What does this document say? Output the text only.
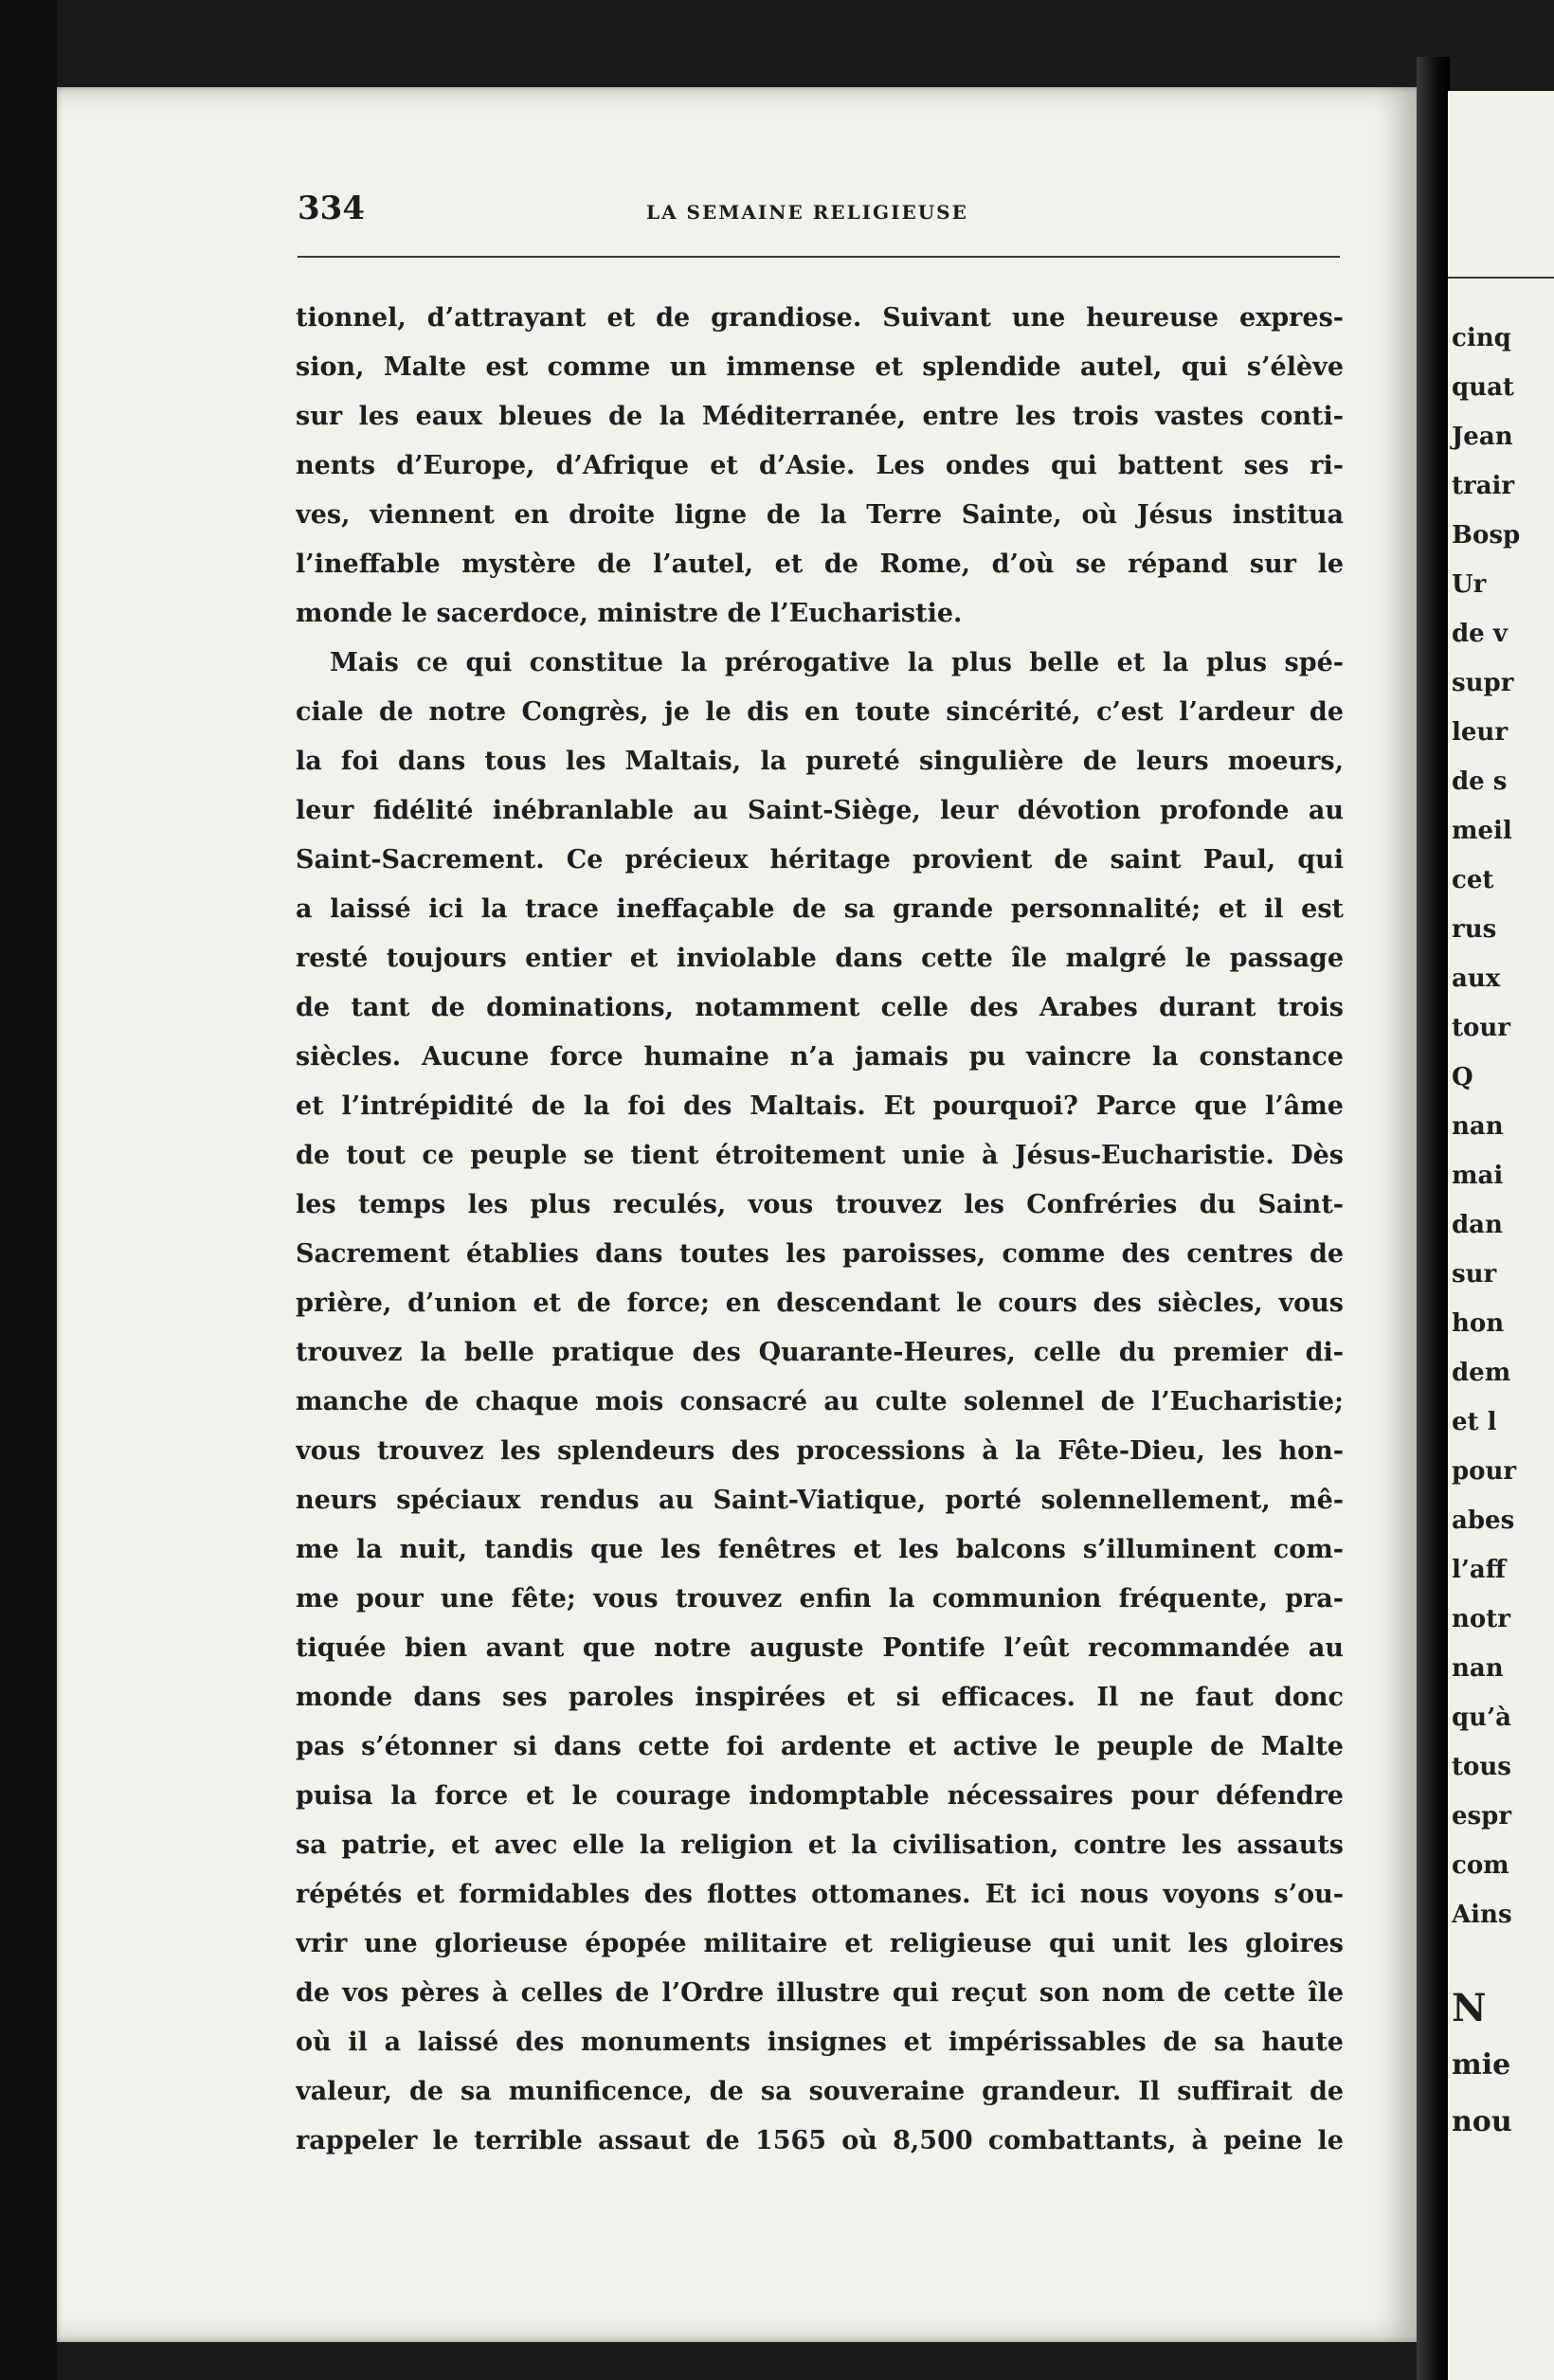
334	LA SEMAINE RELIGIEUSE
tionnel, d’attrayant et de grandiose. Suivant une heureuse expres-
sion, Malte est comme un immense et splendide autel, qui s’élève
sur les eaux bleues de la Méditerranée, entre les trois vastes conti-
nents d’Europe, d’Afrique et d’Asie. Les ondes qui battent ses ri-
ves, viennent en droite ligne de la Terre Sainte, où Jésus institua
l’ineffable mystère de l’autel, et de Rome, d’où se répand sur le
monde le sacerdoce, ministre de l’Eucharistie.
Mais ce qui constitue la prérogative la plus belle et la plus spé-
ciale de notre Congrès, je le dis en toute sincérité, c’est l’ardeur de
la foi dans tous les Maltais, la pureté singulière de leurs moeurs,
leur fidélité inébranlable au Saint-Siège, leur dévotion profonde au
Saint-Sacrement. Ce précieux héritage provient de saint Paul, qui
a laissé ici la trace ineffaçable de sa grande personnalité; et il est
resté toujours entier et inviolable dans cette île malgré le passage
de tant de dominations, notamment celle des Arabes durant trois
siècles. Aucune force humaine n’a jamais pu vaincre la constance
et l’intrépidité de la foi des Maltais. Et pourquoi? Parce que l’âme
de tout ce peuple se tient étroitement unie à Jésus-Eucharistie. Dès
les temps les plus reculés, vous trouvez les Confréries du Saint-
Sacrement établies dans toutes les paroisses, comme des centres de
prière, d’union et de force; en descendant le cours des siècles, vous
trouvez la belle pratique des Quarante-Heures, celle du premier di-
manche de chaque mois consacré au culte solennel de l’Eucharistie;
vous trouvez les splendeurs des processions à la Fête-Dieu, les hon-
neurs spéciaux rendus au Saint-Viatique, porté solennellement, mê-
me la nuit, tandis que les fenêtres et les balcons s’illuminent com-
me pour une fête; vous trouvez enfin la communion fréquente, pra-
tiquée bien avant que notre auguste Pontife l’eût recommandée au
monde dans ses paroles inspirées et si efficaces. Il ne faut donc
pas s’étonner si dans cette foi ardente et active le peuple de Malte
puisa la force et le courage indomptable nécessaires pour défendre
sa patrie, et avec elle la religion et la civilisation, contre les assauts
répétés et formidables des flottes ottomanes. Et ici nous voyons s’ou-
vrir une glorieuse épopée militaire et religieuse qui unit les gloires
de vos pères à celles de l’Ordre illustre qui reçut son nom de cette île
où il a laissé des monuments insignes et impérissables de sa haute
valeur, de sa munificence, de sa souveraine grandeur. Il suffirait de
rappeler le terrible assaut de 1565 où 8,500 combattants, à peine le
cinq
quat
Jean
trair
Bosp
Ur
de v
supr
leur
de s
meil
cet
rus
aux
tour
Q
nan
mai
dan
sur
hon
dem
et l
pour
abes
l’aff
notr
nan
qu’à
tous
espr
com
Ains
N
mie
nou
